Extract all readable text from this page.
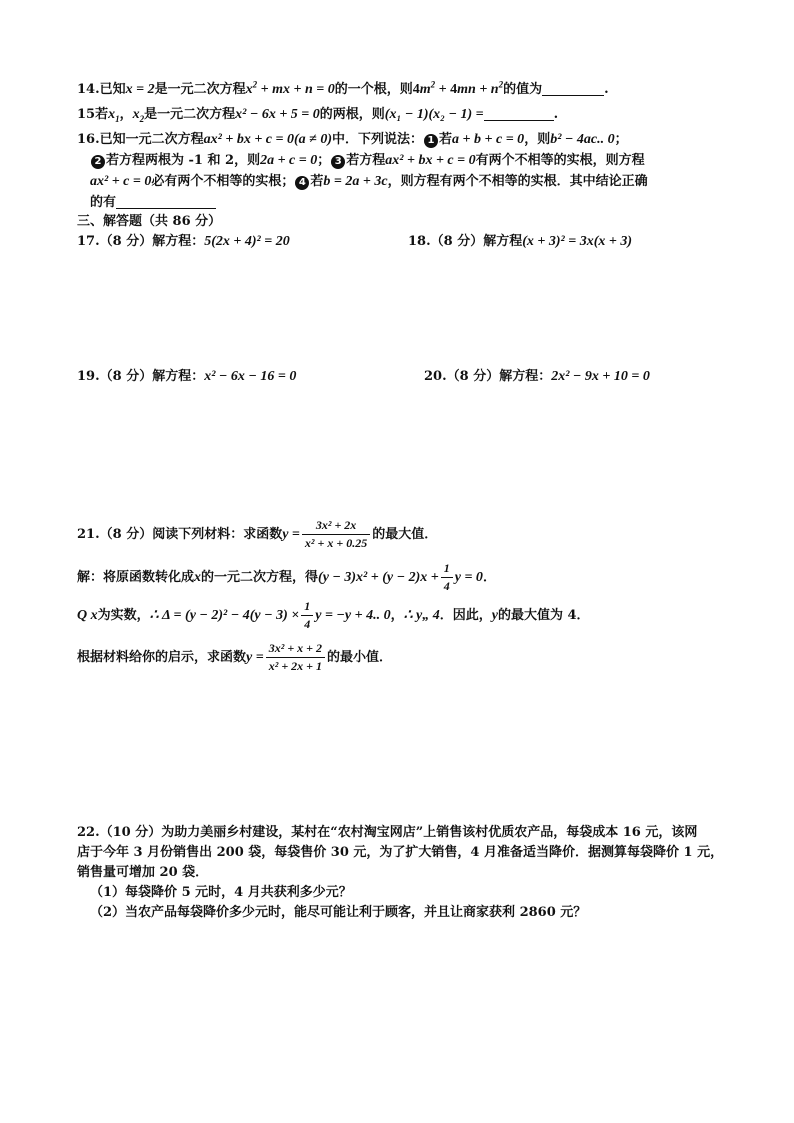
14.已知x = 2是一元二次方程$x^2$ + mx + n = 0的一个根，则$4m^2 + 4mn + n^2$的值为	.
15若$x_1$，$x_2$是一元二次方程x² − 6x + 5 = 0的两根，则(x₁ − 1)(x₂ − 1) =	.
16.已知一元二次方程ax² + bx + c = 0(a ≠ 0)中．下列说法： 1 若a + b + c = 0，则b² − 4ac.. 0；
2 若方程两根为 -1 和 2，则2a + c = 0； 3 若方程ax² + bx + c = 0有两个不相等的实根，则方程
ax² + c = 0必有两个不相等的实根； 4 若b = 2a + 3c，则方程有两个不相等的实根．其中结论正确
的有
三、解答题（共 86 分）
17.（8 分）解方程：5(2x + 4)² = 20	18.（8 分）解方程(x + 3)² = 3x(x + 3)
19.（8 分）解方程：x² − 6x − 16 = 0	20.（8 分）解方程：2x² − 9x + 10 = 0
21.（8 分）阅读下列材料：求函数$y = \frac{\text{3x² + 2x}}{\text{x² + x + 0.25}}$ 的最大值．
解：将原函数转化成x的一元二次方程，得$(y - 3)x^2 + (y - 2)x + \frac{1}{4}$ y = 0．
Q x为实数，∴ $\Delta = (y - 2)^2 - 4(y - 3) \times \frac{1}{4}$ y = −y + 4.. 0，∴ y„ 4．因此，y的最大值为 4．
根据材料给你的启示，求函数$y = \frac{\text{3x² + x + 2}}{\text{x² + 2x + 1}}$ 的最小值．
22.（10 分）为助力美丽乡村建设，某村在“农村淘宝网店”上销售该村优质农产品，每袋成本 16 元，该网
店于今年 3 月份销售出 200 袋，每袋售价 30 元，为了扩大销售，4 月准备适当降价．据测算每袋降价 1 元，
销售量可增加 20 袋．
（1）每袋降价 5 元时，4 月共获利多少元？
（2）当农产品每袋降价多少元时，能尽可能让利于顾客，并且让商家获利 2860 元？
